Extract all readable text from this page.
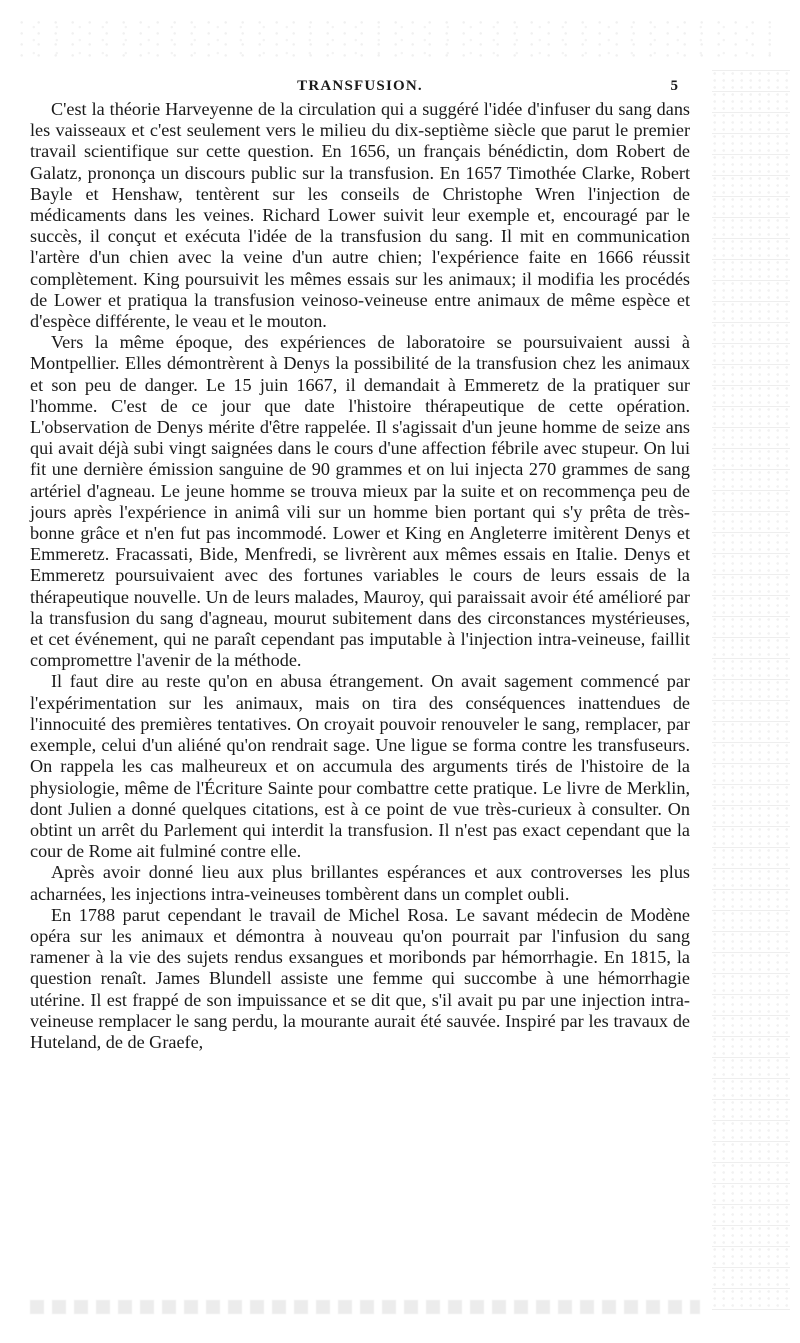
TRANSFUSION.	5

C'est la théorie Harveyenne de la circulation qui a suggéré l'idée d'infuser du sang dans les vaisseaux et c'est seulement vers le milieu du dix-septième siècle que parut le premier travail scientifique sur cette question. En 1656, un français bénédictin, dom Robert de Galatz, prononça un discours public sur la transfusion. En 1657 Timothée Clarke, Robert Bayle et Henshaw, tentèrent sur les conseils de Christophe Wren l'injection de médicaments dans les veines. Richard Lower suivit leur exemple et, encouragé par le succès, il conçut et exécuta l'idée de la transfusion du sang. Il mit en communication l'artère d'un chien avec la veine d'un autre chien; l'expérience faite en 1666 réussit complètement. King poursuivit les mêmes essais sur les animaux; il modifia les procédés de Lower et pratiqua la transfusion veinoso-veineuse entre animaux de même espèce et d'espèce différente, le veau et le mouton.

Vers la même époque, des expériences de laboratoire se poursuivaient aussi à Montpellier. Elles démontrèrent à Denys la possibilité de la transfusion chez les animaux et son peu de danger. Le 15 juin 1667, il demandait à Emmeretz de la pratiquer sur l'homme. C'est de ce jour que date l'histoire thérapeutique de cette opération. L'observation de Denys mérite d'être rappelée. Il s'agissait d'un jeune homme de seize ans qui avait déjà subi vingt saignées dans le cours d'une affection fébrile avec stupeur. On lui fit une dernière émission sanguine de 90 grammes et on lui injecta 270 grammes de sang artériel d'agneau. Le jeune homme se trouva mieux par la suite et on recommença peu de jours après l'expérience in animâ vili sur un homme bien portant qui s'y prêta de très-bonne grâce et n'en fut pas incommodé. Lower et King en Angleterre imitèrent Denys et Emmeretz. Fracassati, Bide, Menfredi, se livrèrent aux mêmes essais en Italie. Denys et Emmeretz poursuivaient avec des fortunes variables le cours de leurs essais de la thérapeutique nouvelle. Un de leurs malades, Mauroy, qui paraissait avoir été amélioré par la transfusion du sang d'agneau, mourut subitement dans des circonstances mystérieuses, et cet événement, qui ne paraît cependant pas imputable à l'injection intra-veineuse, faillit compromettre l'avenir de la méthode.

Il faut dire au reste qu'on en abusa étrangement. On avait sagement commencé par l'expérimentation sur les animaux, mais on tira des conséquences inattendues de l'innocuité des premières tentatives. On croyait pouvoir renouveler le sang, remplacer, par exemple, celui d'un aliéné qu'on rendrait sage. Une ligue se forma contre les transfuseurs. On rappela les cas malheureux et on accumula des arguments tirés de l'histoire de la physiologie, même de l'Écriture Sainte pour combattre cette pratique. Le livre de Merklin, dont Julien a donné quelques citations, est à ce point de vue très-curieux à consulter. On obtint un arrêt du Parlement qui interdit la transfusion. Il n'est pas exact cependant que la cour de Rome ait fulminé contre elle.

Après avoir donné lieu aux plus brillantes espérances et aux controverses les plus acharnées, les injections intra-veineuses tombèrent dans un complet oubli.

En 1788 parut cependant le travail de Michel Rosa. Le savant médecin de Modène opéra sur les animaux et démontra à nouveau qu'on pourrait par l'infusion du sang ramener à la vie des sujets rendus exsangues et moribonds par hémorrhagie. En 1815, la question renaît. James Blundell assiste une femme qui succombe à une hémorrhagie utérine. Il est frappé de son impuissance et se dit que, s'il avait pu par une injection intra-veineuse remplacer le sang perdu, la mourante aurait été sauvée. Inspiré par les travaux de Huteland, de de Graefe,
